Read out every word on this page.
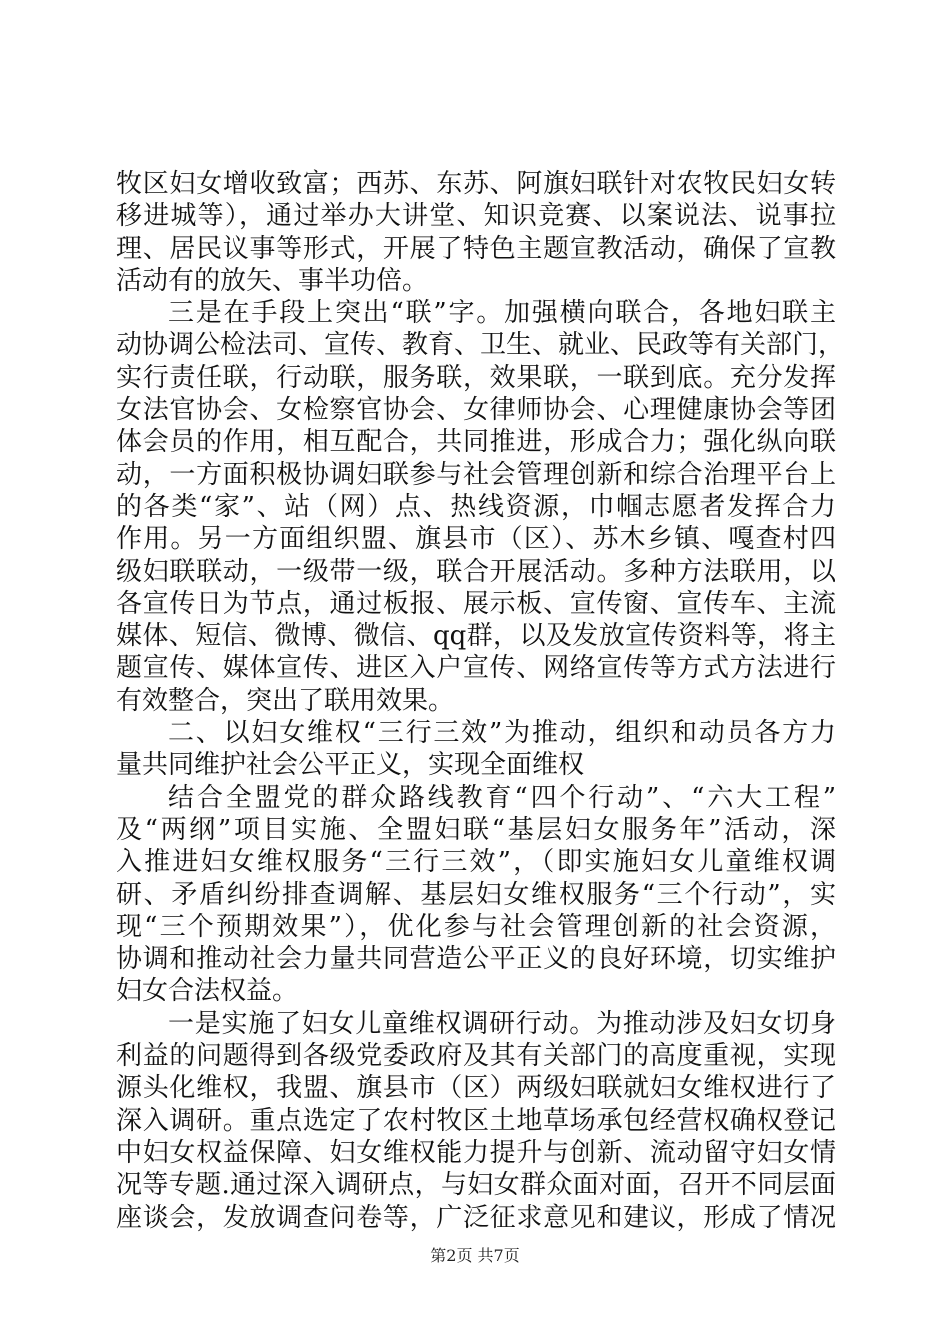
牧区妇女增收致富；西苏、东苏、阿旗妇联针对农牧民妇女转
移进城等），通过举办大讲堂、知识竞赛、以案说法、说事拉
理、居民议事等形式，开展了特色主题宣教活动，确保了宣教
活动有的放矢、事半功倍。
三是在手段上突出“联”字。加强横向联合，各地妇联主
动协调公检法司、宣传、教育、卫生、就业、民政等有关部门，
实行责任联，行动联，服务联，效果联，一联到底。充分发挥
女法官协会、女检察官协会、女律师协会、心理健康协会等团
体会员的作用，相互配合，共同推进，形成合力；强化纵向联
动，一方面积极协调妇联参与社会管理创新和综合治理平台上
的各类“家”、站（网）点、热线资源，巾帼志愿者发挥合力
作用。另一方面组织盟、旗县市（区）、苏木乡镇、嘎查村四
级妇联联动，一级带一级，联合开展活动。多种方法联用，以
各宣传日为节点，通过板报、展示板、宣传窗、宣传车、主流
媒体、短信、微博、微信、qq群，以及发放宣传资料等，将主
题宣传、媒体宣传、进区入户宣传、网络宣传等方式方法进行
有效整合，突出了联用效果。
二、以妇女维权“三行三效”为推动，组织和动员各方力
量共同维护社会公平正义，实现全面维权
结合全盟党的群众路线教育“四个行动”、“六大工程”
及“两纲”项目实施、全盟妇联“基层妇女服务年”活动，深
入推进妇女维权服务“三行三效”，（即实施妇女儿童维权调
研、矛盾纠纷排查调解、基层妇女维权服务“三个行动”，实
现“三个预期效果”），优化参与社会管理创新的社会资源，
协调和推动社会力量共同营造公平正义的良好环境，切实维护
妇女合法权益。
一是实施了妇女儿童维权调研行动。为推动涉及妇女切身
利益的问题得到各级党委政府及其有关部门的高度重视，实现
源头化维权，我盟、旗县市（区）两级妇联就妇女维权进行了
深入调研。重点选定了农村牧区土地草场承包经营权确权登记
中妇女权益保障、妇女维权能力提升与创新、流动留守妇女情
况等专题.通过深入调研点，与妇女群众面对面，召开不同层面
座谈会，发放调查问卷等，广泛征求意见和建议，形成了情况
第2页 共7页
